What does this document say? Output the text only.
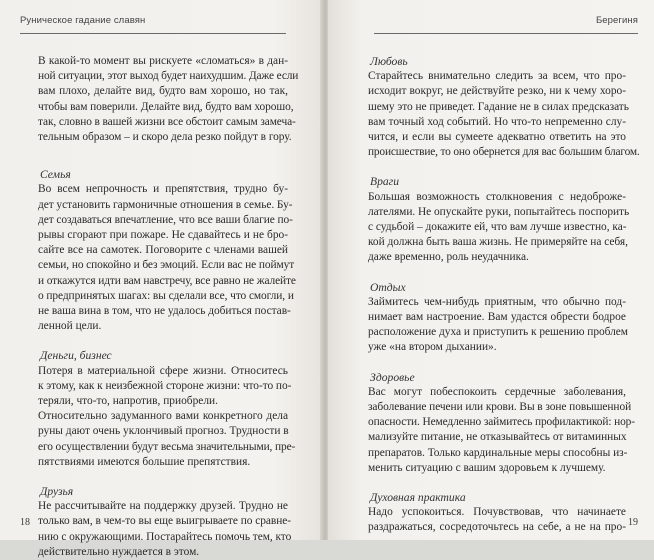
Руническое гадание славян
В какой-то момент вы рискуете «сломаться» в дан-
ной ситуации, этот выход будет наихудшим. Даже если
вам плохо, делайте вид, будто вам хорошо, но так,
чтобы вам поверили. Делайте вид, будто вам хорошо,
так, словно в вашей жизни все обстоит самым замеча-
тельным образом – и скоро дела резко пойдут в гору.
Семья
Во всем непрочность и препятствия, трудно бу-
дет установить гармоничные отношения в семье. Бу-
дет создаваться впечатление, что все ваши благие по-
рывы сгорают при пожаре. Не сдавайтесь и не бро-
сайте все на самотек. Поговорите с членами вашей
семьи, но спокойно и без эмоций. Если вас не поймут
и откажутся идти вам навстречу, все равно не жалейте
о предпринятых шагах: вы сделали все, что смогли, и
не ваша вина в том, что не удалось добиться постав-
ленной цели.
Деньги, бизнес
Потеря в материальной сфере жизни. Относитесь
к этому, как к неизбежной стороне жизни: что-то по-
теряли, что-то, напротив, приобрели.
Относительно задуманного вами конкретного дела
руны дают очень уклончивый прогноз. Трудности в
его осуществлении будут весьма значительными, пре-
пятствиями имеются большие препятствия.
Друзья
Не рассчитывайте на поддержку друзей. Трудно не
только вам, в чем-то вы еще выигрываете по сравне-
нию с окружающими. Постарайтесь помочь тем, кто
действительно нуждается в этом.
18
Берегиня
Любовь
Старайтесь внимательно следить за всем, что про-
исходит вокруг, не действуйте резко, ни к чему хоро-
шему это не приведет. Гадание не в силах предсказать
вам точный ход событий. Но что-то непременно слу-
чится, и если вы сумеете адекватно ответить на это
происшествие, то оно обернется для вас большим благом.
Враги
Большая возможность столкновения с недоброже-
лателями. Не опускайте руки, попытайтесь поспорить
с судьбой – докажите ей, что вам лучше известно, ка-
кой должна быть ваша жизнь. Не примеряйте на себя,
даже временно, роль неудачника.
Отдых
Займитесь чем-нибудь приятным, что обычно под-
нимает вам настроение. Вам удастся обрести бодрое
расположение духа и приступить к решению проблем
уже «на втором дыхании».
Здоровье
Вас могут побеспокоить сердечные заболевания,
заболевание печени или крови. Вы в зоне повышенной
опасности. Немедленно займитесь профилактикой: нор-
мализуйте питание, не отказывайтесь от витаминных
препаратов. Только кардинальные меры способны из-
менить ситуацию с вашим здоровьем к лучшему.
Духовная практика
Надо успокоиться. Почувствовав, что начинаете
раздражаться, сосредоточьтесь на себе, а не на про- 19
